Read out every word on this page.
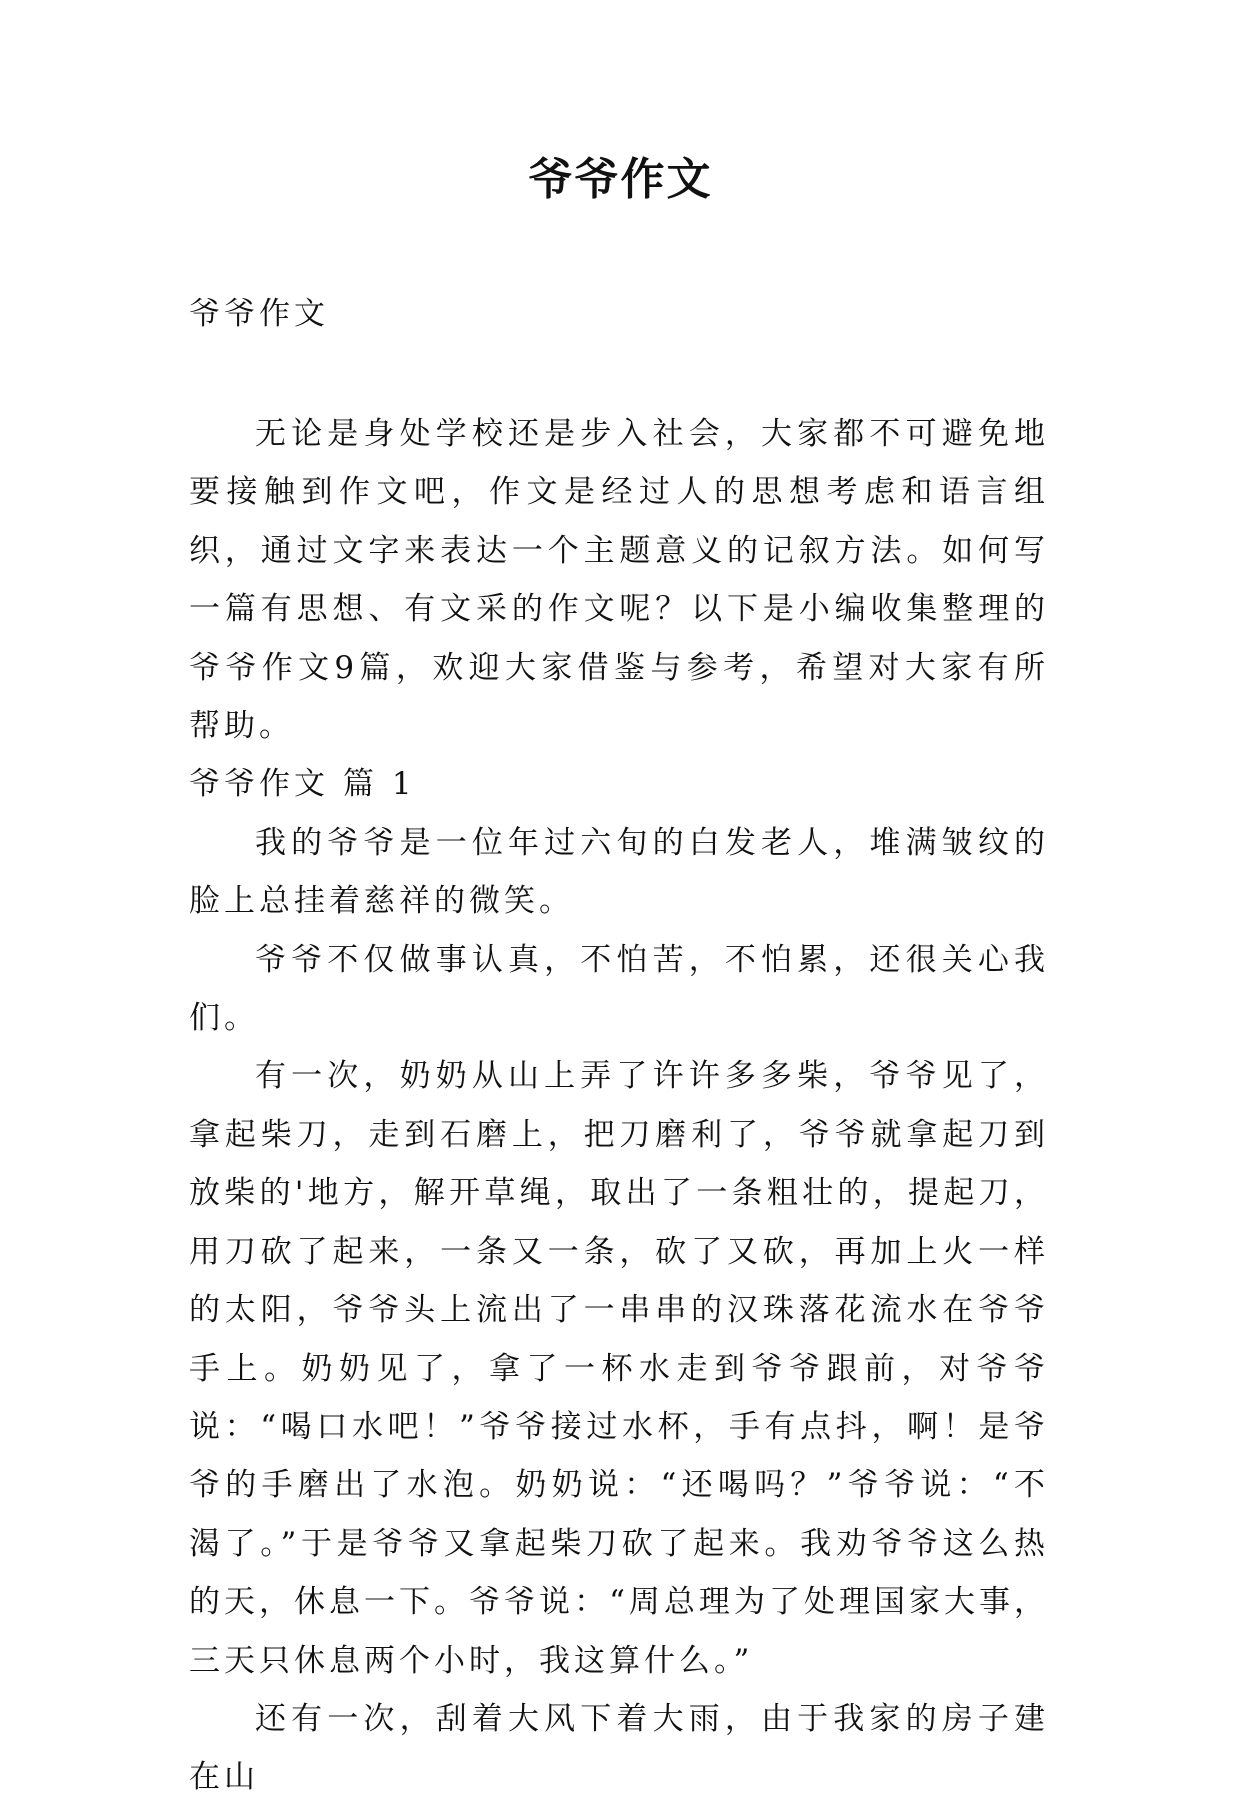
爷爷作文
爷爷作文

无论是身处学校还是步入社会，大家都不可避免地要接触到作文吧，作文是经过人的思想考虑和语言组织，通过文字来表达一个主题意义的记叙方法。如何写一篇有思想、有文采的作文呢？以下是小编收集整理的爷爷作文9篇，欢迎大家借鉴与参考，希望对大家有所帮助。

爷爷作文 篇 1

我的爷爷是一位年过六旬的白发老人，堆满皱纹的脸上总挂着慈祥的微笑。

爷爷不仅做事认真，不怕苦，不怕累，还很关心我们。

有一次，奶奶从山上弄了许许多多柴，爷爷见了，拿起柴刀，走到石磨上，把刀磨利了，爷爷就拿起刀到放柴的'地方，解开草绳，取出了一条粗壮的，提起刀，用刀砍了起来，一条又一条，砍了又砍，再加上火一样的太阳，爷爷头上流出了一串串的汉珠落花流水在爷爷手上。奶奶见了，拿了一杯水走到爷爷跟前，对爷爷说：“喝口水吧！”爷爷接过水杯，手有点抖，啊！是爷爷的手磨出了水泡。奶奶说：“还喝吗？”爷爷说：“不渴了。”于是爷爷又拿起柴刀砍了起来。我劝爷爷这么热的天，休息一下。爷爷说：“周总理为了处理国家大事，三天只休息两个小时，我这算什么。”

还有一次，刮着大风下着大雨，由于我家的房子建在山
